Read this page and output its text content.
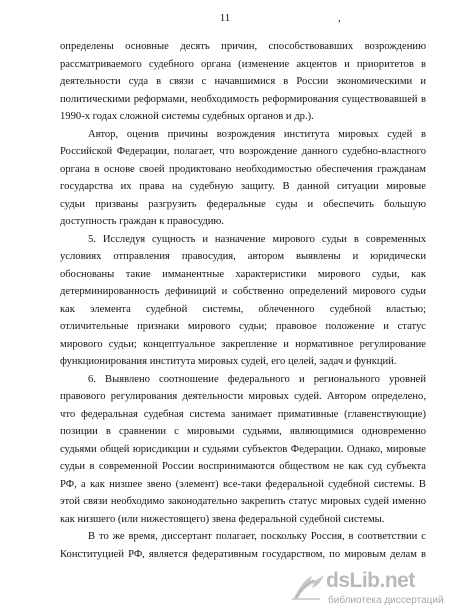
11	,
определены основные десять причин, способствовавших возрождению
рассматриваемого судебного органа (изменение акцентов и приоритетов в
деятельности суда в связи с начавшимися в России экономическими и
политическими реформами, необходимость реформирования существовавшей в
1990-х годах сложной системы судебных органов и др.).
Автор, оценив причины возрождения института мировых судей в
Российской Федерации, полагает, что возрождение данного судебно-властного
органа в основе своей продиктовано необходимостью обеспечения гражданам
государства их права на судебную защиту. В данной ситуации мировые
судьи призваны разгрузить федеральные суды и обеспечить большую
доступность граждан к правосудию.
5. Исследуя сущность и назначение мирового судьи в современных
условиях отправления правосудия, автором выявлены и юридически
обоснованы такие имманентные характеристики мирового судьи, как
детерминированность дефиниций и собственно определений мирового судьи
как элемента судебной системы, облеченного судебной властью;
отличительные признаки мирового судьи; правовое положение и статус
мирового судьи; концептуальное закрепление и нормативное регулирование
функционирования института мировых судей, его целей, задач и функций.
6. Выявлено соотношение федерального и регионального уровней
правового регулирования деятельности мировых судей. Автором определено,
что федеральная судебная система занимает примативные (главенствующие)
позиции в сравнении с мировыми судьями, являющимися одновременно
судьями общей юрисдикции и судьями субъектов Федерации. Однако, мировые
судьи в современной России воспринимаются обществом не как суд субъекта
РФ, а как низшее звено (элемент) все-таки федеральной судебной системы. В
этой связи необходимо законодательно закрепить статус мировых судей именно
как низшего (или нижестоящего) звена федеральной судебной системы.
В то же время, диссертант полагает, поскольку Россия, в соответствии с
Конституцией РФ, является федеративным государством, по мировым делам в
dsLib.net
библиотека диссертаций
